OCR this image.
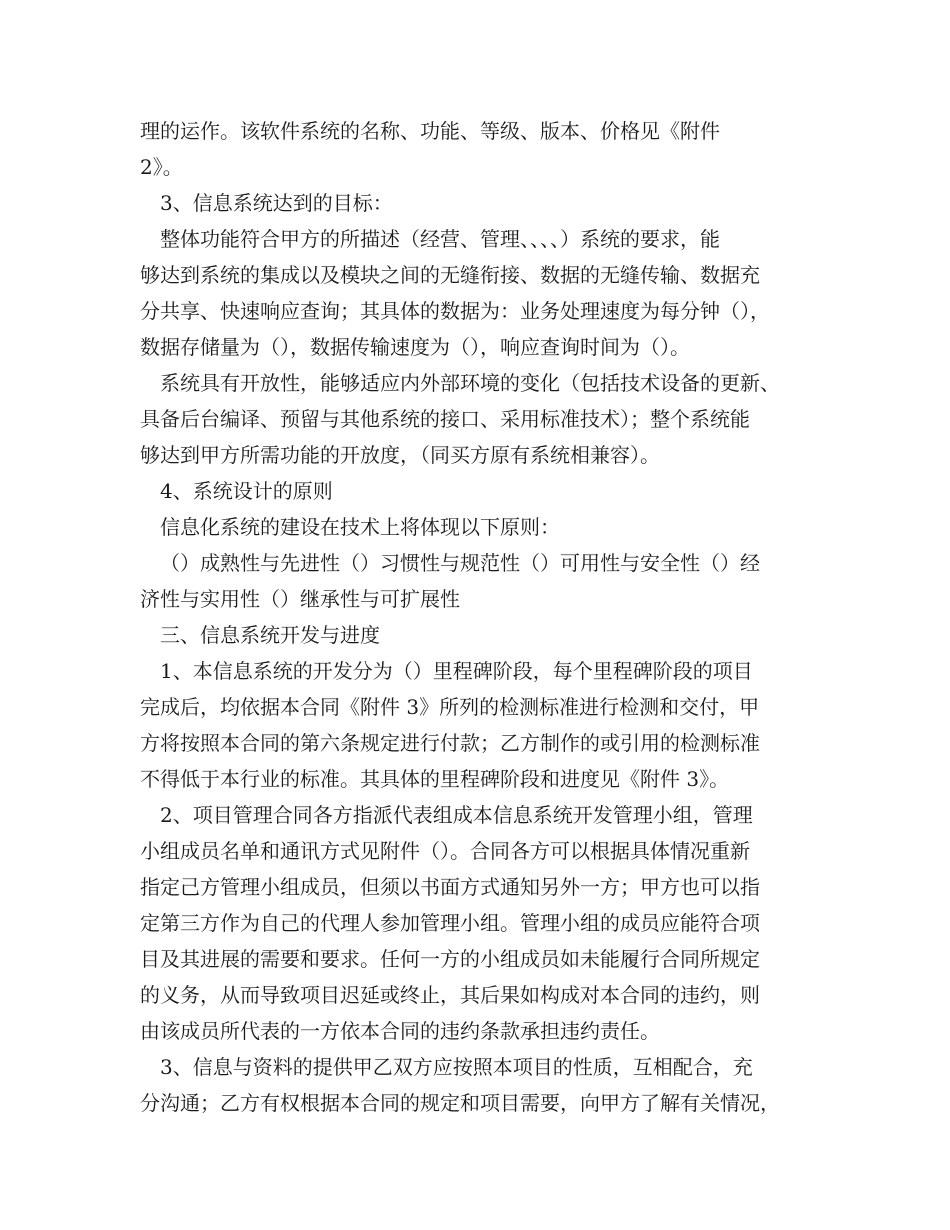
理的运作。该软件系统的名称、功能、等级、版本、价格见《附件
2》。
3、信息系统达到的目标：
整体功能符合甲方的所描述（经营、管理、、、、）系统的要求，能
够达到系统的集成以及模块之间的无缝衔接、数据的无缝传输、数据充
分共享、快速响应查询；其具体的数据为：业务处理速度为每分钟（），
数据存储量为（），数据传输速度为（），响应查询时间为（）。
系统具有开放性，能够适应内外部环境的变化（包括技术设备的更新、
具备后台编译、预留与其他系统的接口、采用标准技术）；整个系统能
够达到甲方所需功能的开放度，（同买方原有系统相兼容）。
4、系统设计的原则
信息化系统的建设在技术上将体现以下原则：
（）成熟性与先进性（）习惯性与规范性（）可用性与安全性（）经
济性与实用性（）继承性与可扩展性
三、信息系统开发与进度
1、本信息系统的开发分为（）里程碑阶段，每个里程碑阶段的项目
完成后，均依据本合同《附件 3》所列的检测标准进行检测和交付，甲
方将按照本合同的第六条规定进行付款；乙方制作的或引用的检测标准
不得低于本行业的标准。其具体的里程碑阶段和进度见《附件 3》。
2、项目管理合同各方指派代表组成本信息系统开发管理小组，管理
小组成员名单和通讯方式见附件（）。合同各方可以根据具体情况重新
指定己方管理小组成员，但须以书面方式通知另外一方；甲方也可以指
定第三方作为自己的代理人参加管理小组。管理小组的成员应能符合项
目及其进展的需要和要求。任何一方的小组成员如未能履行合同所规定
的义务，从而导致项目迟延或终止，其后果如构成对本合同的违约，则
由该成员所代表的一方依本合同的违约条款承担违约责任。
3、信息与资料的提供甲乙双方应按照本项目的性质，互相配合，充
分沟通；乙方有权根据本合同的规定和项目需要，向甲方了解有关情况，
